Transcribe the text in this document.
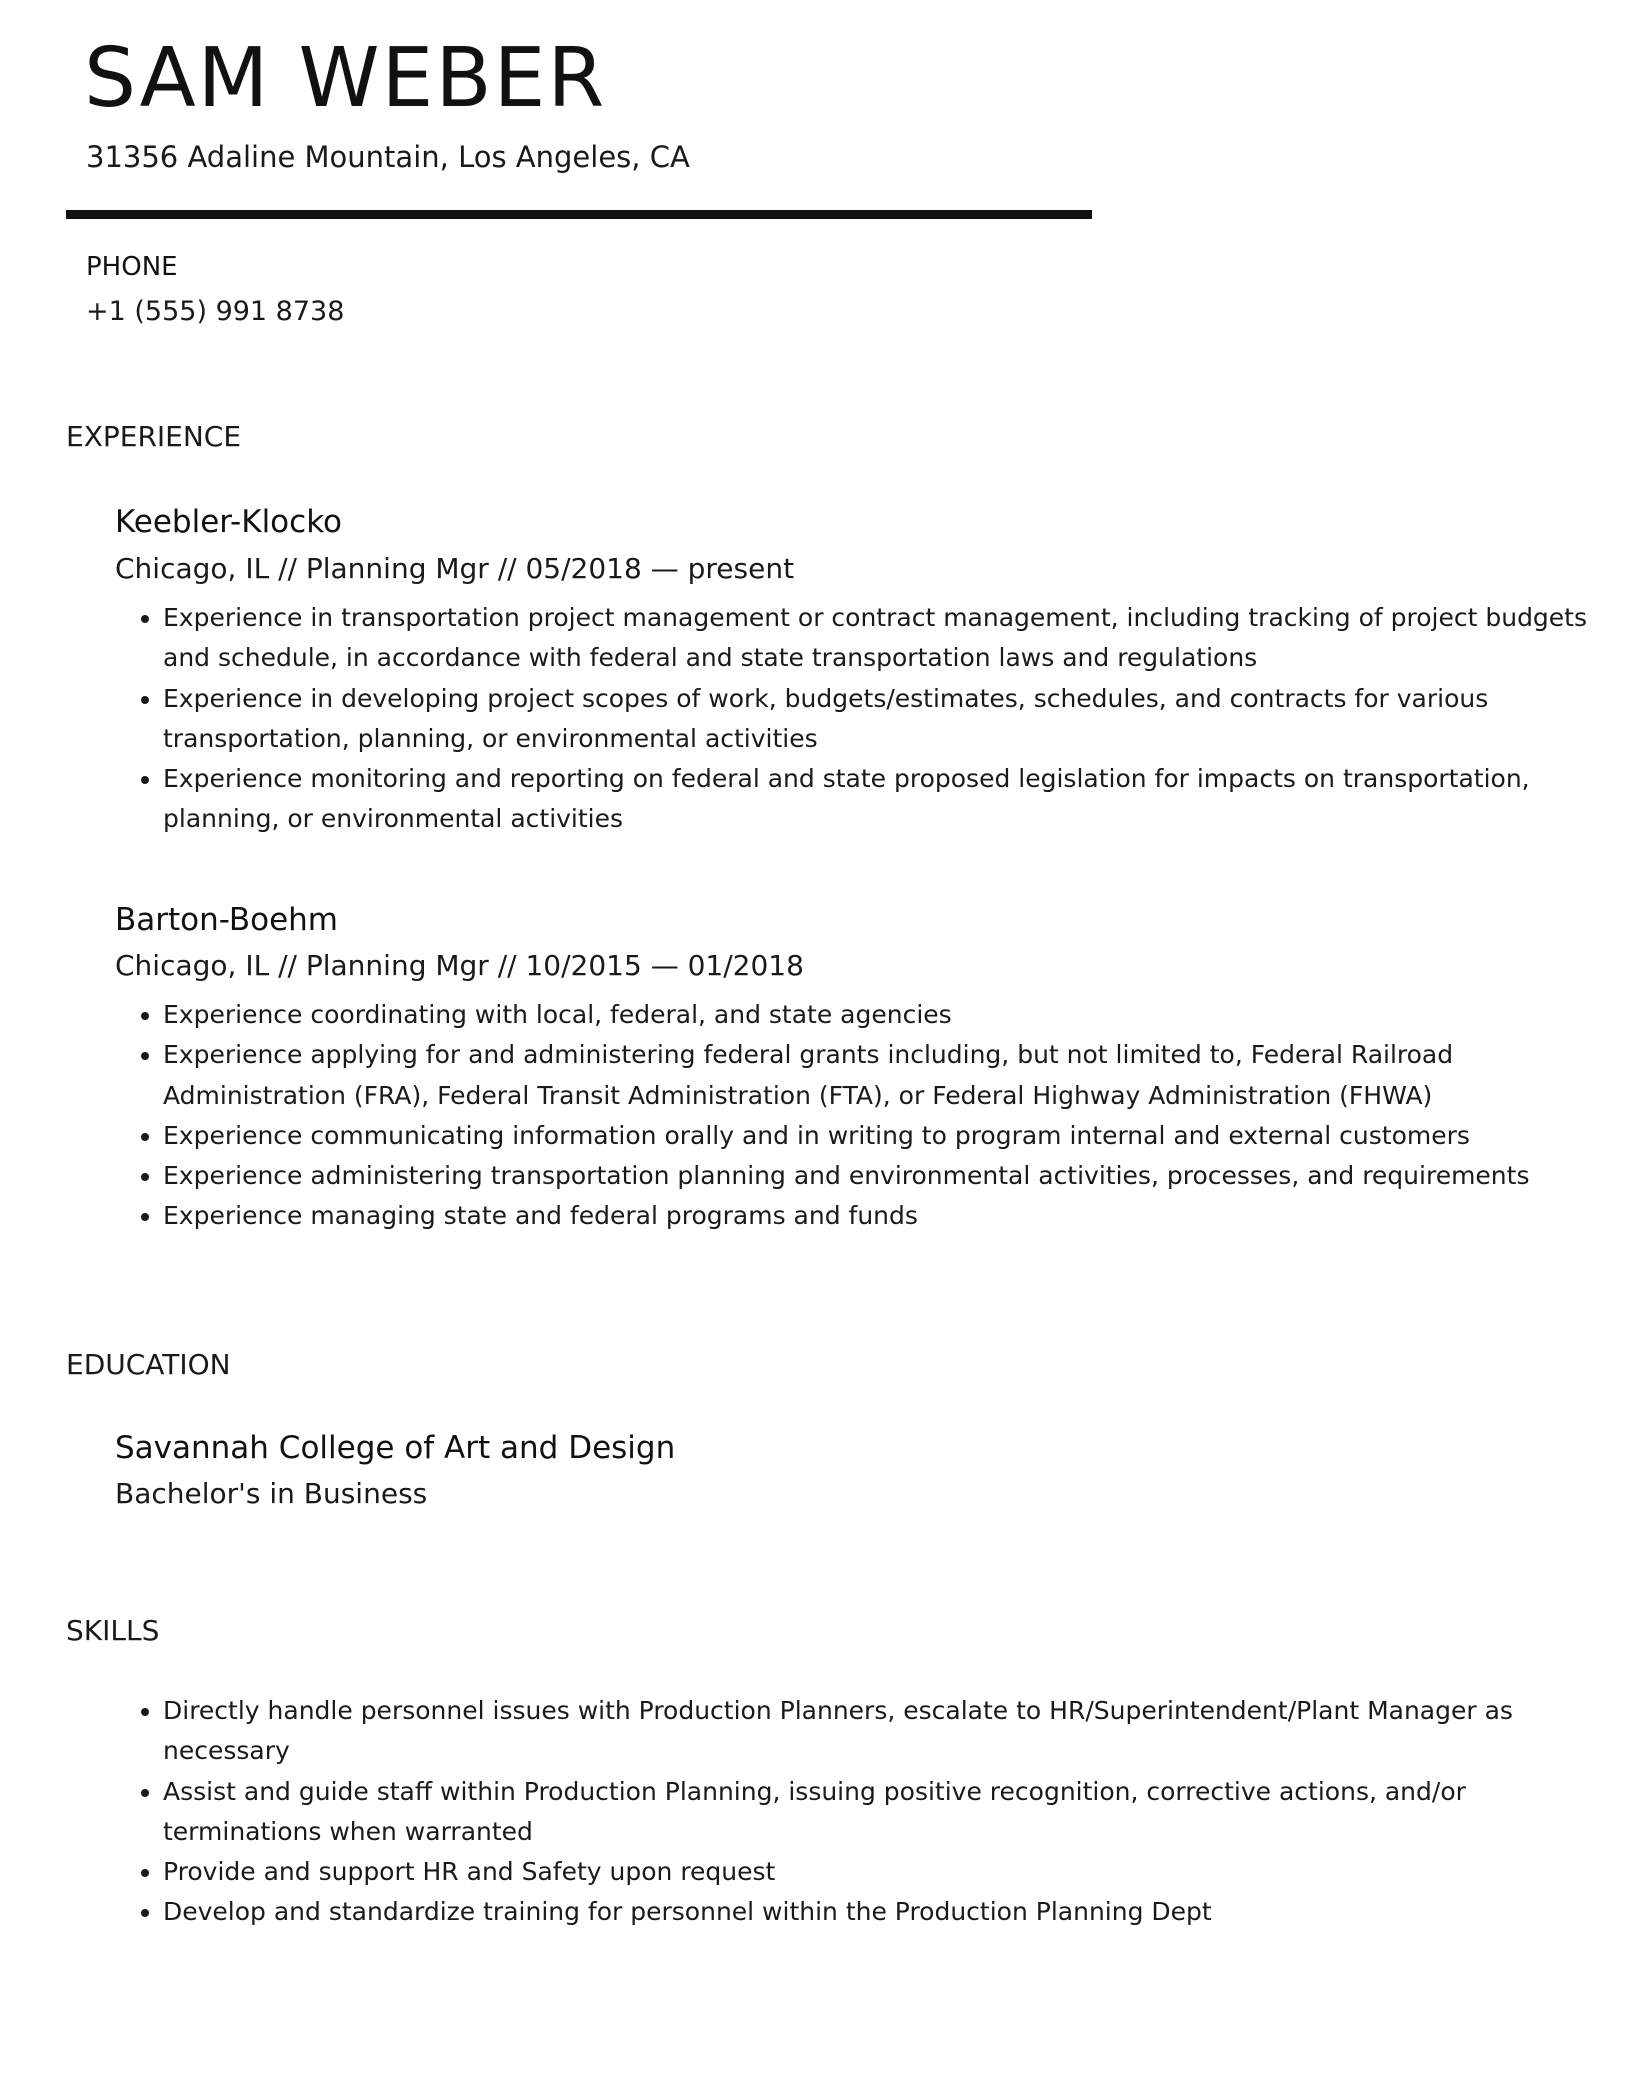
SAM WEBER
31356 Adaline Mountain, Los Angeles, CA
PHONE
+1 (555) 991 8738
EXPERIENCE
Keebler-Klocko
Chicago, IL // Planning Mgr // 05/2018 — present
• Experience in transportation project management or contract management, including tracking of project budgets and schedule, in accordance with federal and state transportation laws and regulations
• Experience in developing project scopes of work, budgets/estimates, schedules, and contracts for various transportation, planning, or environmental activities
• Experience monitoring and reporting on federal and state proposed legislation for impacts on transportation, planning, or environmental activities
Barton-Boehm
Chicago, IL // Planning Mgr // 10/2015 — 01/2018
• Experience coordinating with local, federal, and state agencies
• Experience applying for and administering federal grants including, but not limited to, Federal Railroad Administration (FRA), Federal Transit Administration (FTA), or Federal Highway Administration (FHWA)
• Experience communicating information orally and in writing to program internal and external customers
• Experience administering transportation planning and environmental activities, processes, and requirements
• Experience managing state and federal programs and funds
EDUCATION
Savannah College of Art and Design
Bachelor's in Business
SKILLS
• Directly handle personnel issues with Production Planners, escalate to HR/Superintendent/Plant Manager as necessary
• Assist and guide staff within Production Planning, issuing positive recognition, corrective actions, and/or terminations when warranted
• Provide and support HR and Safety upon request
• Develop and standardize training for personnel within the Production Planning Dept
